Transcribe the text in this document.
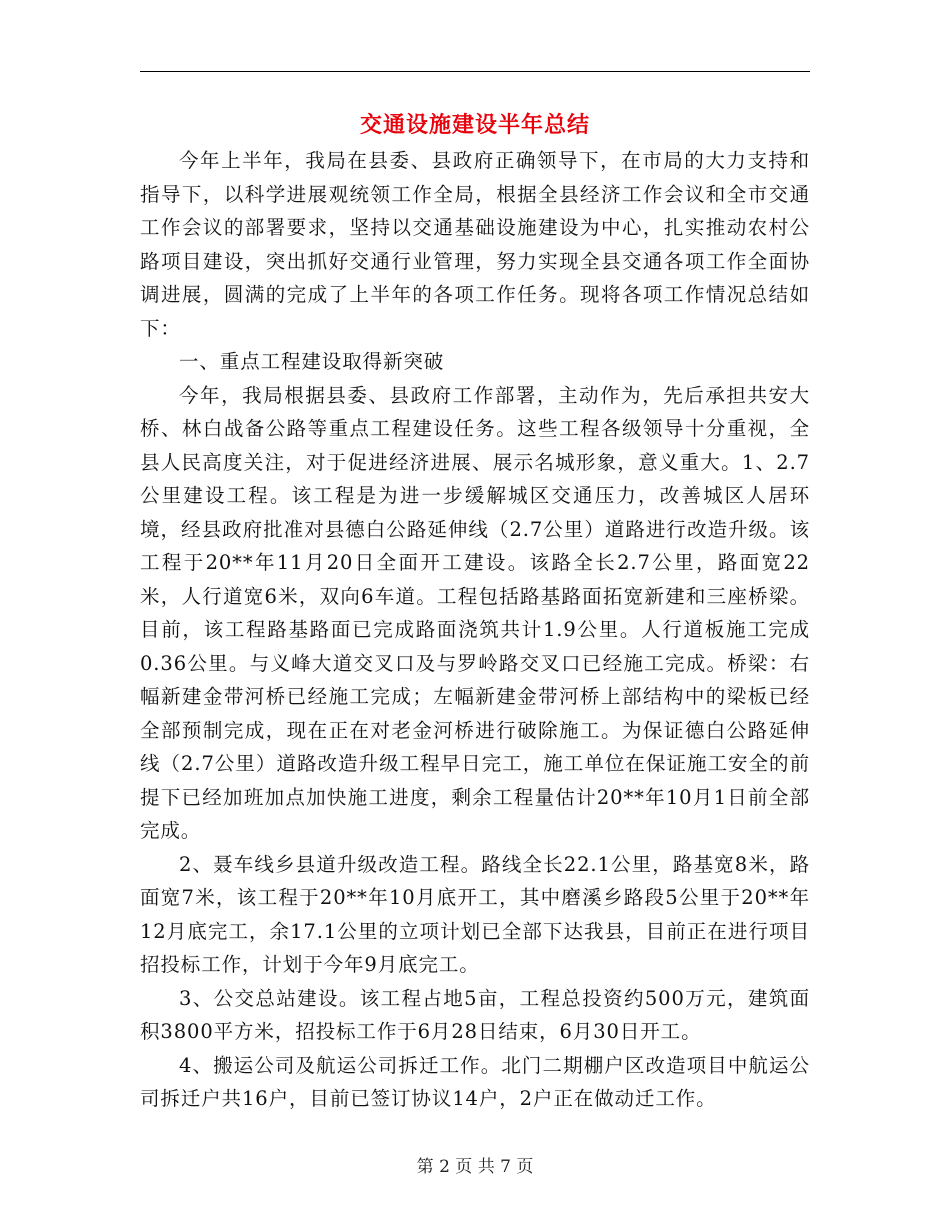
交通设施建设半年总结

今年上半年，我局在县委、县政府正确领导下，在市局的大力支持和指导下，以科学进展观统领工作全局，根据全县经济工作会议和全市交通工作会议的部署要求，坚持以交通基础设施建设为中心，扎实推动农村公路项目建设，突出抓好交通行业管理，努力实现全县交通各项工作全面协调进展，圆满的完成了上半年的各项工作任务。现将各项工作情况总结如下：

一、重点工程建设取得新突破

今年，我局根据县委、县政府工作部署，主动作为，先后承担共安大桥、林白战备公路等重点工程建设任务。这些工程各级领导十分重视，全县人民高度关注，对于促进经济进展、展示名城形象，意义重大。1、2.7公里建设工程。该工程是为进一步缓解城区交通压力，改善城区人居环境，经县政府批准对县德白公路延伸线（2.7公里）道路进行改造升级。该工程于20**年11月20日全面开工建设。该路全长2.7公里，路面宽22米，人行道宽6米，双向6车道。工程包括路基路面拓宽新建和三座桥梁。目前，该工程路基路面已完成路面浇筑共计1.9公里。人行道板施工完成0.36公里。与义峰大道交叉口及与罗岭路交叉口已经施工完成。桥梁：右幅新建金带河桥已经施工完成；左幅新建金带河桥上部结构中的梁板已经全部预制完成，现在正在对老金河桥进行破除施工。为保证德白公路延伸线（2.7公里）道路改造升级工程早日完工，施工单位在保证施工安全的前提下已经加班加点加快施工进度，剩余工程量估计20**年10月1日前全部完成。

2、聂车线乡县道升级改造工程。路线全长22.1公里，路基宽8米，路面宽7米，该工程于20**年10月底开工，其中磨溪乡路段5公里于20**年12月底完工，余17.1公里的立项计划已全部下达我县，目前正在进行项目招投标工作，计划于今年9月底完工。

3、公交总站建设。该工程占地5亩，工程总投资约500万元，建筑面积3800平方米，招投标工作于6月28日结束，6月30日开工。

4、搬运公司及航运公司拆迁工作。北门二期棚户区改造项目中航运公司拆迁户共16户，目前已签订协议14户，2户正在做动迁工作。

第 2 页 共 7 页
